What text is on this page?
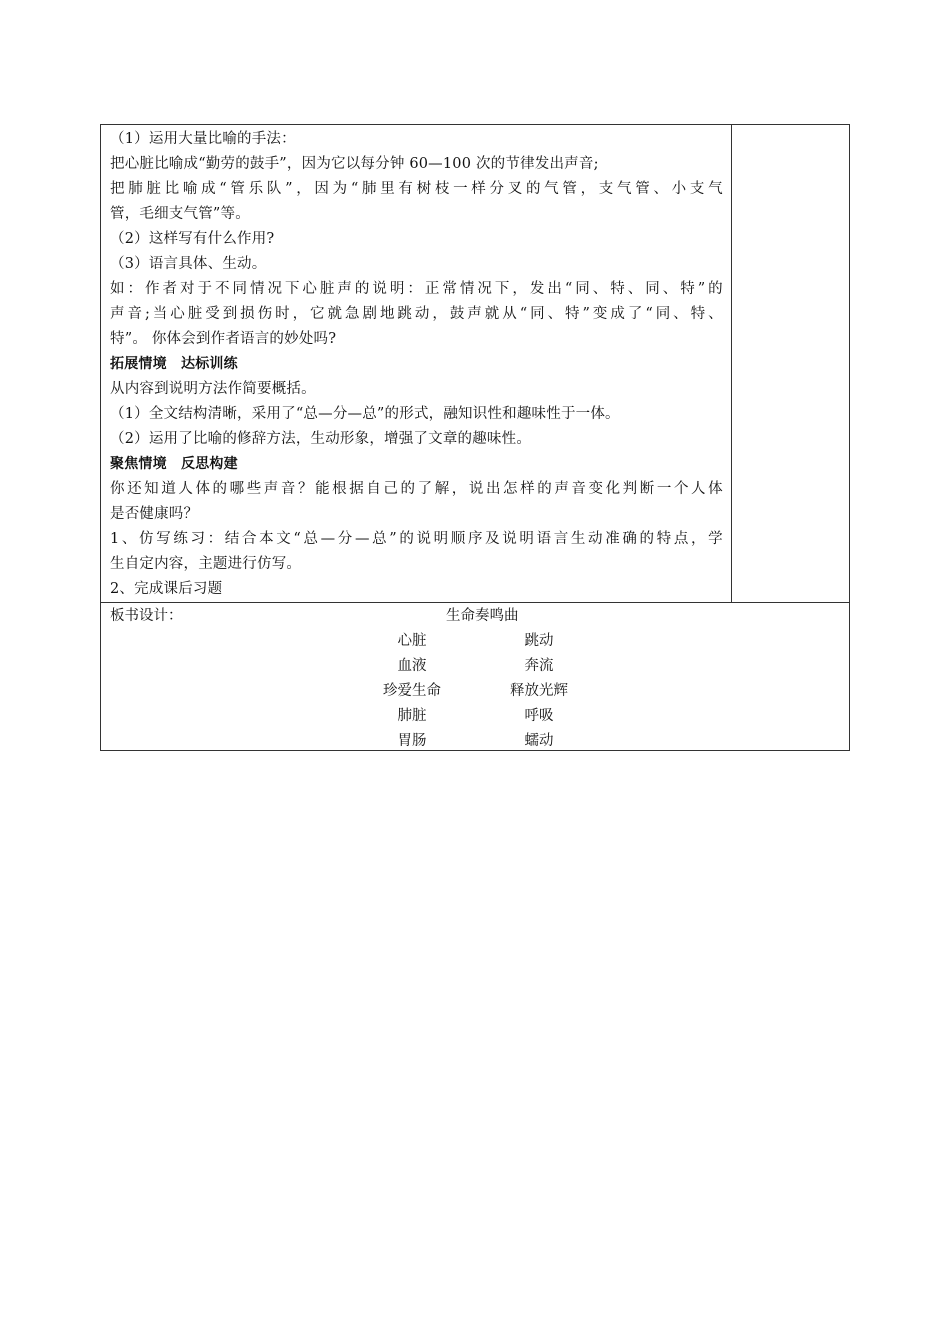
（1）运用大量比喻的手法：
把心脏比喻成“勤劳的鼓手”，因为它以每分钟 60—100 次的节律发出声音;
把肺脏比喻成“管乐队”，因为“肺里有树枝一样分叉的气管，支气管、小支气
管，毛细支气管”等。
（2）这样写有什么作用?
（3）语言具体、生动。
如：作者对于不同情况下心脏声的说明：正常情况下，发出“同、特、同、特”的
声音;当心脏受到损伤时，它就急剧地跳动，鼓声就从“同、特”变成了“同、特、
特”。 你体会到作者语言的妙处吗?
拓展情境　达标训练
从内容到说明方法作简要概括。
（1）全文结构清晰，采用了“总—分—总”的形式，融知识性和趣味性于一体。
（2）运用了比喻的修辞方法，生动形象，增强了文章的趣味性。
聚焦情境　反思构建
你还知道人体的哪些声音？能根据自己的了解，说出怎样的声音变化判断一个人体
是否健康吗？
1、仿写练习：结合本文“总—分—总”的说明顺序及说明语言生动准确的特点，学
生自定内容，主题进行仿写。
2、完成课后习题

板书设计：	生命奏鸣曲
心脏	跳动
血液	奔流
珍爱生命	释放光辉
肺脏	呼吸
胃肠	蠕动
